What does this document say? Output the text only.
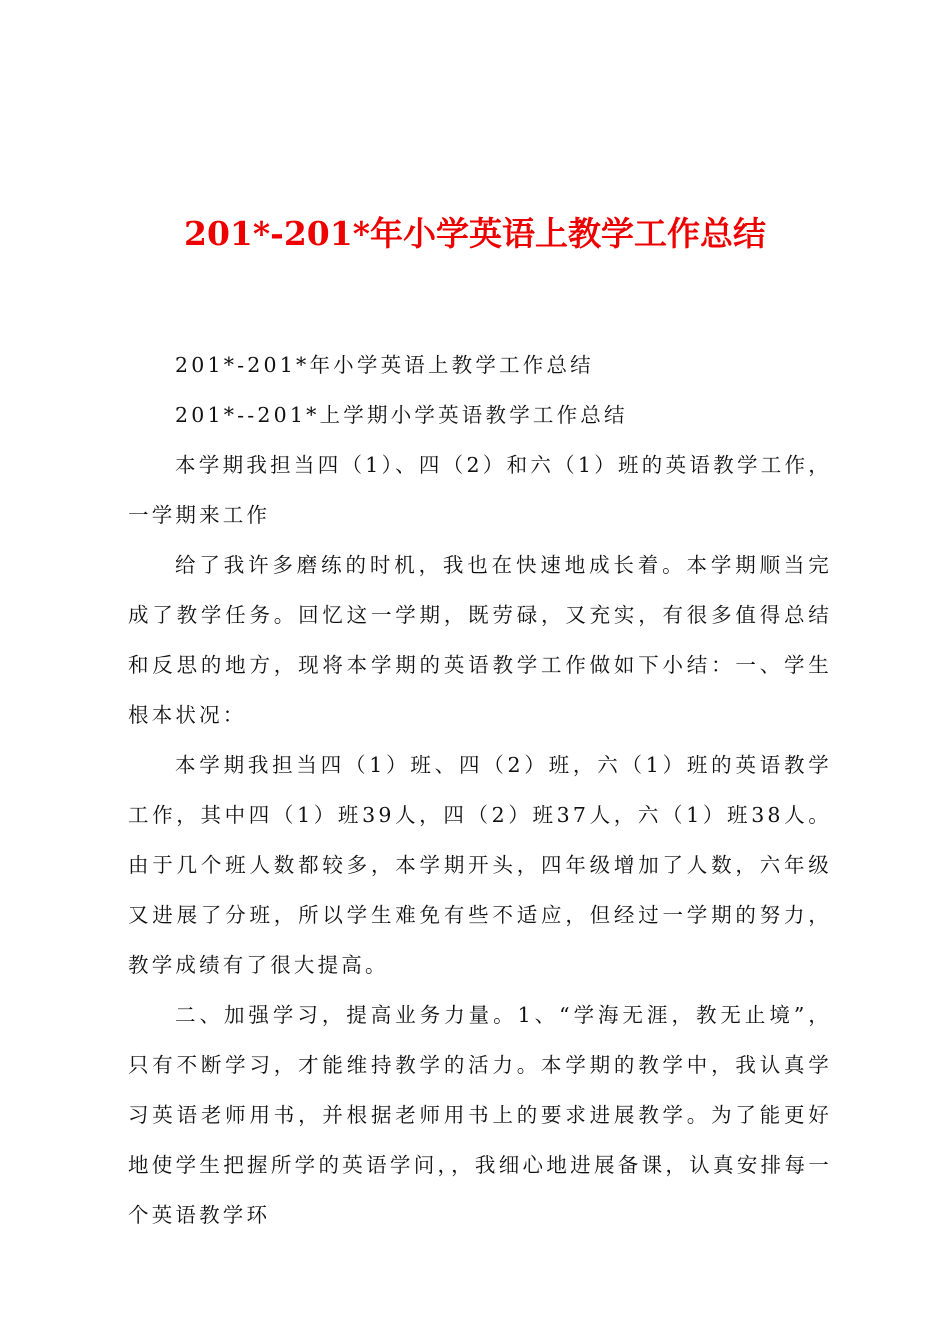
201*-201*年小学英语上教学工作总结

201*-201*年小学英语上教学工作总结

201*--201*上学期小学英语教学工作总结

本学期我担当四（1）、四（2）和六（1）班的英语教学工作，一学期来工作

给了我许多磨练的时机，我也在快速地成长着。本学期顺当完成了教学任务。回忆这一学期，既劳碌，又充实，有很多值得总结和反思的地方，现将本学期的英语教学工作做如下小结：一、学生根本状况：

本学期我担当四（1）班、四（2）班，六（1）班的英语教学工作，其中四（1）班39人，四（2）班37人，六（1）班38人。由于几个班人数都较多，本学期开头，四年级增加了人数，六年级又进展了分班，所以学生难免有些不适应，但经过一学期的努力，教学成绩有了很大提高。

二、加强学习，提高业务力量。1、“学海无涯，教无止境”，只有不断学习，才能维持教学的活力。本学期的教学中，我认真学习英语老师用书，并根据老师用书上的要求进展教学。为了能更好地使学生把握所学的英语学问，，我细心地进展备课，认真安排每一个英语教学环
